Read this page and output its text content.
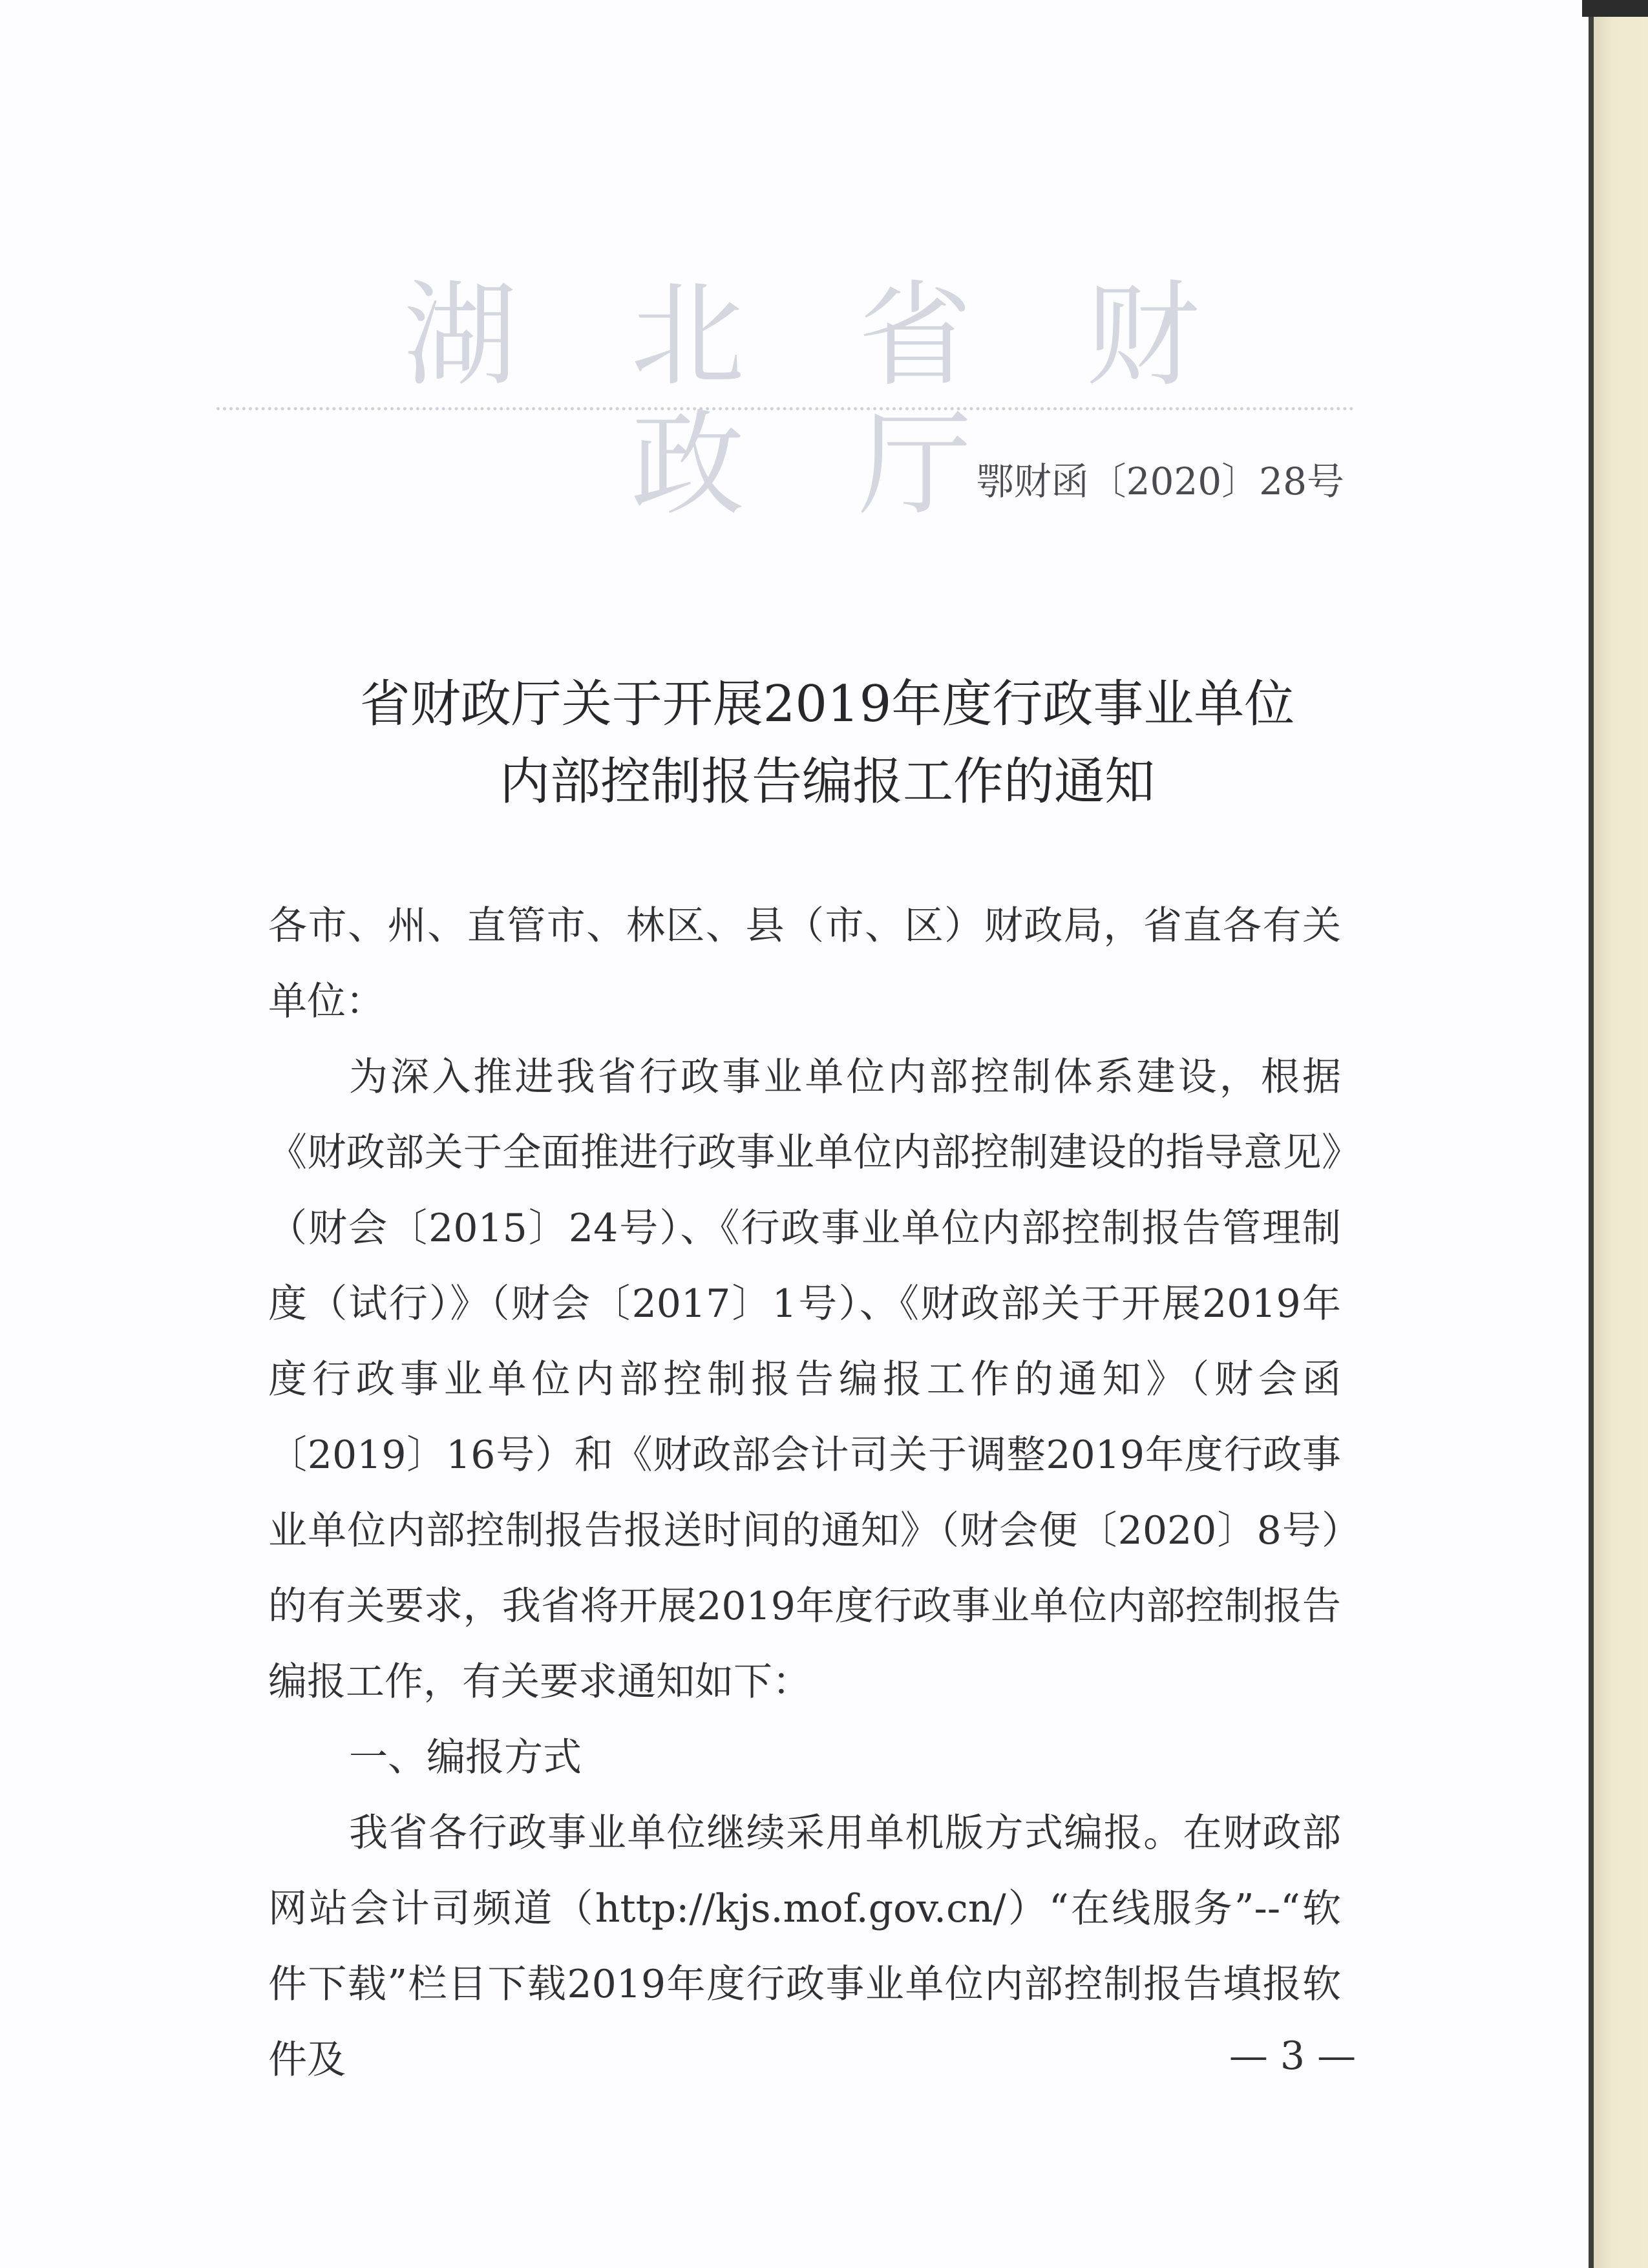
湖 北 省 财 政 厅
鄂财函〔2020〕28号
省财政厅关于开展2019年度行政事业单位
内部控制报告编报工作的通知

各市、州、直管市、林区、县（市、区）财政局，省直各有关单位：

为深入推进我省行政事业单位内部控制体系建设，根据《财政部关于全面推进行政事业单位内部控制建设的指导意见》（财会〔2015〕24号）、《行政事业单位内部控制报告管理制度（试行）》（财会〔2017〕1号）、《财政部关于开展2019年度行政事业单位内部控制报告编报工作的通知》（财会函〔2019〕16号）和《财政部会计司关于调整2019年度行政事业单位内部控制报告报送时间的通知》（财会便〔2020〕8号）的有关要求，我省将开展2019年度行政事业单位内部控制报告编报工作，有关要求通知如下：

一、编报方式

我省各行政事业单位继续采用单机版方式编报。在财政部网站会计司频道（http://kjs.mof.gov.cn/）“在线服务”--“软件下载”栏目下载2019年度行政事业单位内部控制报告填报软件及	— 3 —
